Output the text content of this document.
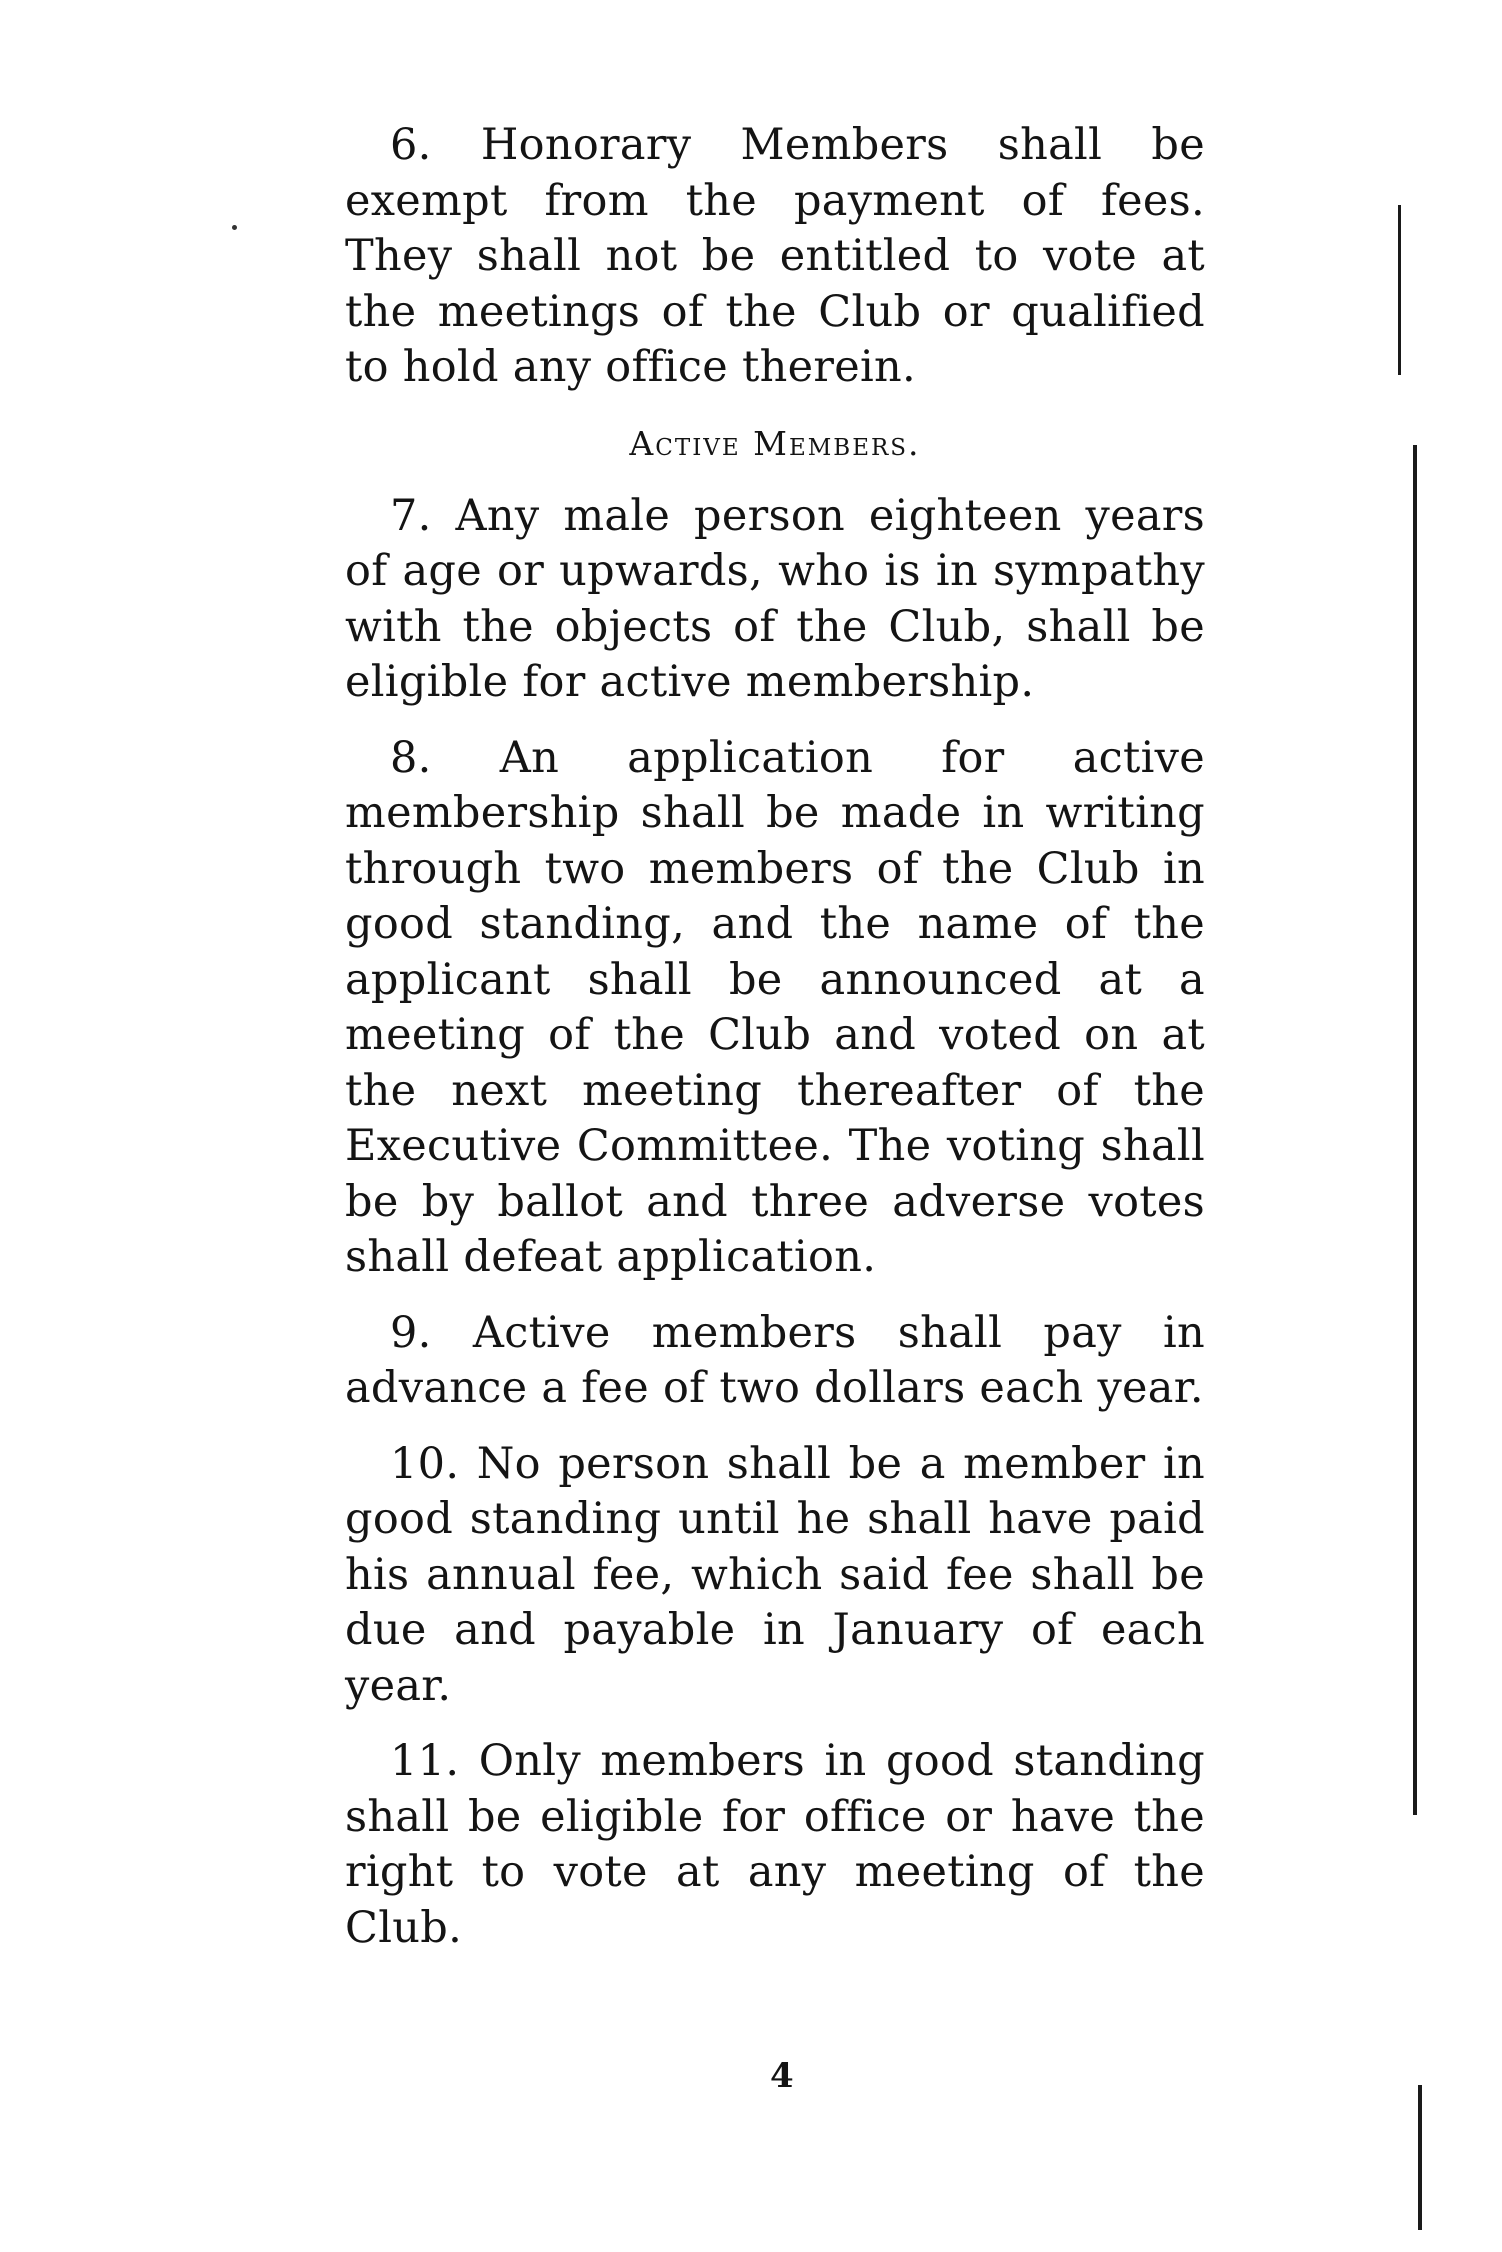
6. Honorary Members shall be exempt from the payment of fees. They shall not be entitled to vote at the meetings of the Club or qualified to hold any office therein.

Active Members.

7. Any male person eighteen years of age or upwards, who is in sympathy with the objects of the Club, shall be eligible for active membership.

8. An application for active membership shall be made in writing through two members of the Club in good standing, and the name of the applicant shall be announced at a meeting of the Club and voted on at the next meeting thereafter of the Executive Committee. The voting shall be by ballot and three adverse votes shall defeat application.

9. Active members shall pay in advance a fee of two dollars each year.

10. No person shall be a member in good standing until he shall have paid his annual fee, which said fee shall be due and payable in January of each year.

11. Only members in good standing shall be eligible for office or have the right to vote at any meeting of the Club.

4
